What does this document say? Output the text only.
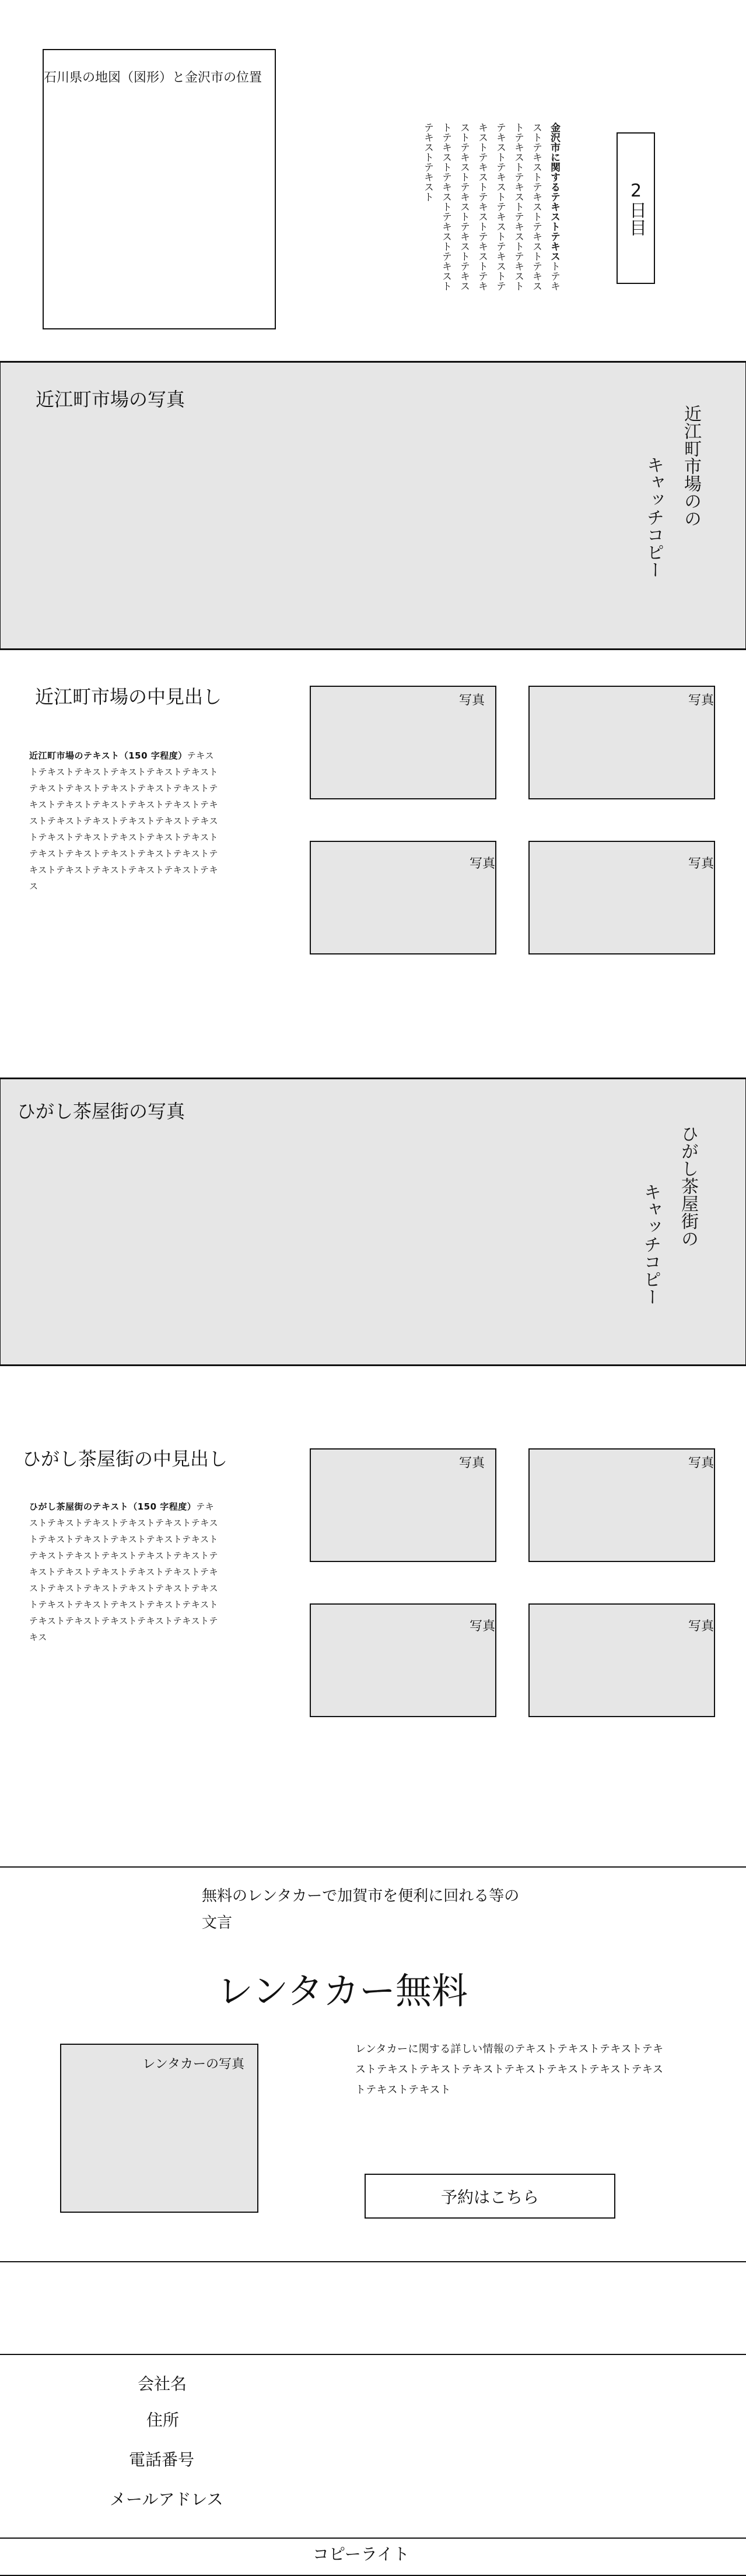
石川県の地図（図形）と金沢市の位置
金沢市に関するテキストテキストテキストテキストテキストテキストテキストテキストテキストテキストテキストテキストテキストテキストテキストテキストテキストテキストテキストテキストテキストテキストテキストテキストテキストテキストテキストテキストテキストテキスト
2日目
近江町市場の写真
近江町市場のの
キャッチコピー
近江町市場の中見出し
近江町市場のテキスト（150 字程度）テキストテキストテキストテキストテキストテキストテキストテキストテキストテキストテキストテキストテキストテキストテキストテキストテキストテキストテキストテキストテキストテキストテキストテキストテキストテキストテキストテキストテキストテキストテキストテキストテキストテキストテキストテキストテキストテキス
写真	写真
写真	写真
ひがし茶屋街の写真
ひがし茶屋街の
キャッチコピー
ひがし茶屋街の中見出し
ひがし茶屋街のテキスト（150 字程度）テキストテキストテキストテキストテキストテキストテキストテキストテキストテキストテキストテキストテキストテキストテキストテキストテキストテキストテキストテキストテキストテキストテキストテキストテキストテキストテキストテキストテキストテキストテキストテキストテキストテキストテキストテキストテキストテキス
写真	写真
写真	写真
無料のレンタカーで加賀市を便利に回れる等の文言
レンタカー無料
レンタカーの写真
レンタカーに関する詳しい情報のテキストテキストテキストテキストテキストテキストテキストテキストテキストテキストテキストテキストテキスト
予約はこちら
会社名
住所
電話番号
メールアドレス
コピーライト
